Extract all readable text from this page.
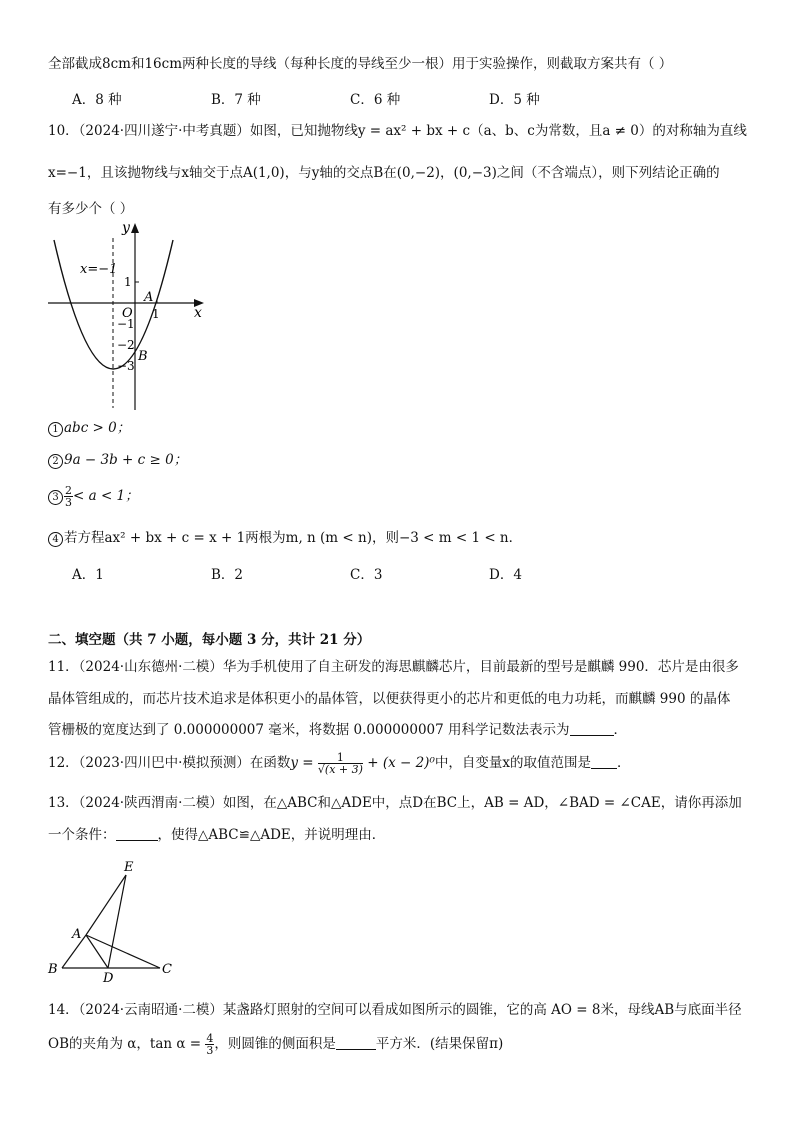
全部截成8cm和16cm两种长度的导线（每种长度的导线至少一根）用于实验操作，则截取方案共有（ ）
A．8 种	B．7 种	C．6 种	D．5 种
10．（2024·四川遂宁·中考真题）如图，已知抛物线y = ax² + bx + c（a、b、c为常数，且a ≠ 0）的对称轴为直线
x=−1，且该抛物线与x轴交于点A(1,0)，与y轴的交点B在(0,−2)，(0,−3)之间（不含端点），则下列结论正确的
有多少个（ ）
x=−1
y
x
O
A
B
1
1
−1
−2
−3
1 abc > 0；
2 9a − 3b + c ≥ 0；
$3 \frac{2}{3} < a < 1$；
4 若方程ax² + bx + c = x + 1两根为m, n (m < n)，则−3 < m < 1 < n．
A．1	B．2	C．3	D．4
二、填空题（共 7 小题，每小题 3 分，共计 21 分）
11．（2024·山东德州·二模）华为手机使用了自主研发的海思麒麟芯片，目前最新的型号是麒麟 990．芯片是由很多
晶体管组成的，而芯片技术追求是体积更小的晶体管，以便获得更小的芯片和更低的电力功耗，而麒麟 990 的晶体
管栅极的宽度达到了 0.000000007 毫米，将数据 0.000000007 用科学记数法表示为	．
12．（2023·四川巴中·模拟预测）在函数$y = \frac{1}{√(x + 3)} + (x - 2)^0$中，自变量x的取值范围是 ．
13．（2024·陕西渭南·二模）如图，在△ABC和△ADE中，点D在BC上，AB = AD，∠BAD = ∠CAE，请你再添加
一个条件：	，使得△ABC≌△ADE，并说明理由．
E
A
B
D
C
14．（2024·云南昭通·二模）某盏路灯照射的空间可以看成如图所示的圆锥，它的高 AO = 8米，母线AB与底面半径
OB的夹角为 α，$\tan \alpha = \frac{4}{3}$ ，则圆锥的侧面积是	平方米．(结果保留π)
